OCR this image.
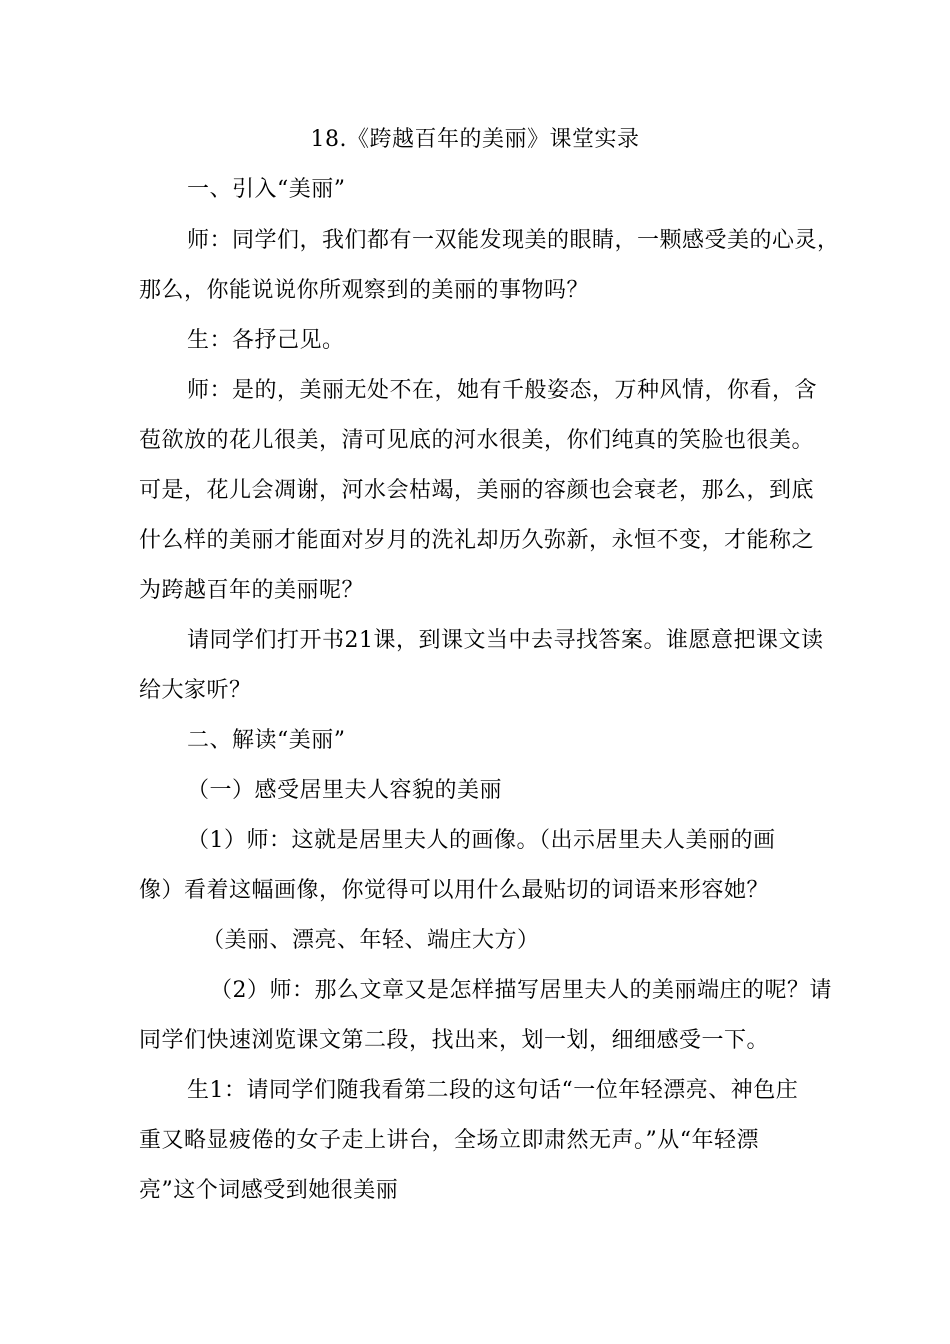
18.《跨越百年的美丽》课堂实录
一、引入“美丽”
师：同学们，我们都有一双能发现美的眼睛，一颗感受美的心灵，
那么，你能说说你所观察到的美丽的事物吗？
生：各抒己见。
师：是的，美丽无处不在，她有千般姿态，万种风情，你看，含
苞欲放的花儿很美，清可见底的河水很美，你们纯真的笑脸也很美。
可是，花儿会凋谢，河水会枯竭，美丽的容颜也会衰老，那么，到底
什么样的美丽才能面对岁月的洗礼却历久弥新，永恒不变，才能称之
为跨越百年的美丽呢？
请同学们打开书21课，到课文当中去寻找答案。谁愿意把课文读
给大家听？
二、解读“美丽”
（一）感受居里夫人容貌的美丽
（1）师：这就是居里夫人的画像。（出示居里夫人美丽的画
像）看着这幅画像，你觉得可以用什么最贴切的词语来形容她？
（美丽、漂亮、年轻、端庄大方）
（2）师：那么文章又是怎样描写居里夫人的美丽端庄的呢？请
同学们快速浏览课文第二段，找出来，划一划，细细感受一下。
生1：请同学们随我看第二段的这句话“一位年轻漂亮、神色庄
重又略显疲倦的女子走上讲台，全场立即肃然无声。”从“年轻漂
亮”这个词感受到她很美丽
